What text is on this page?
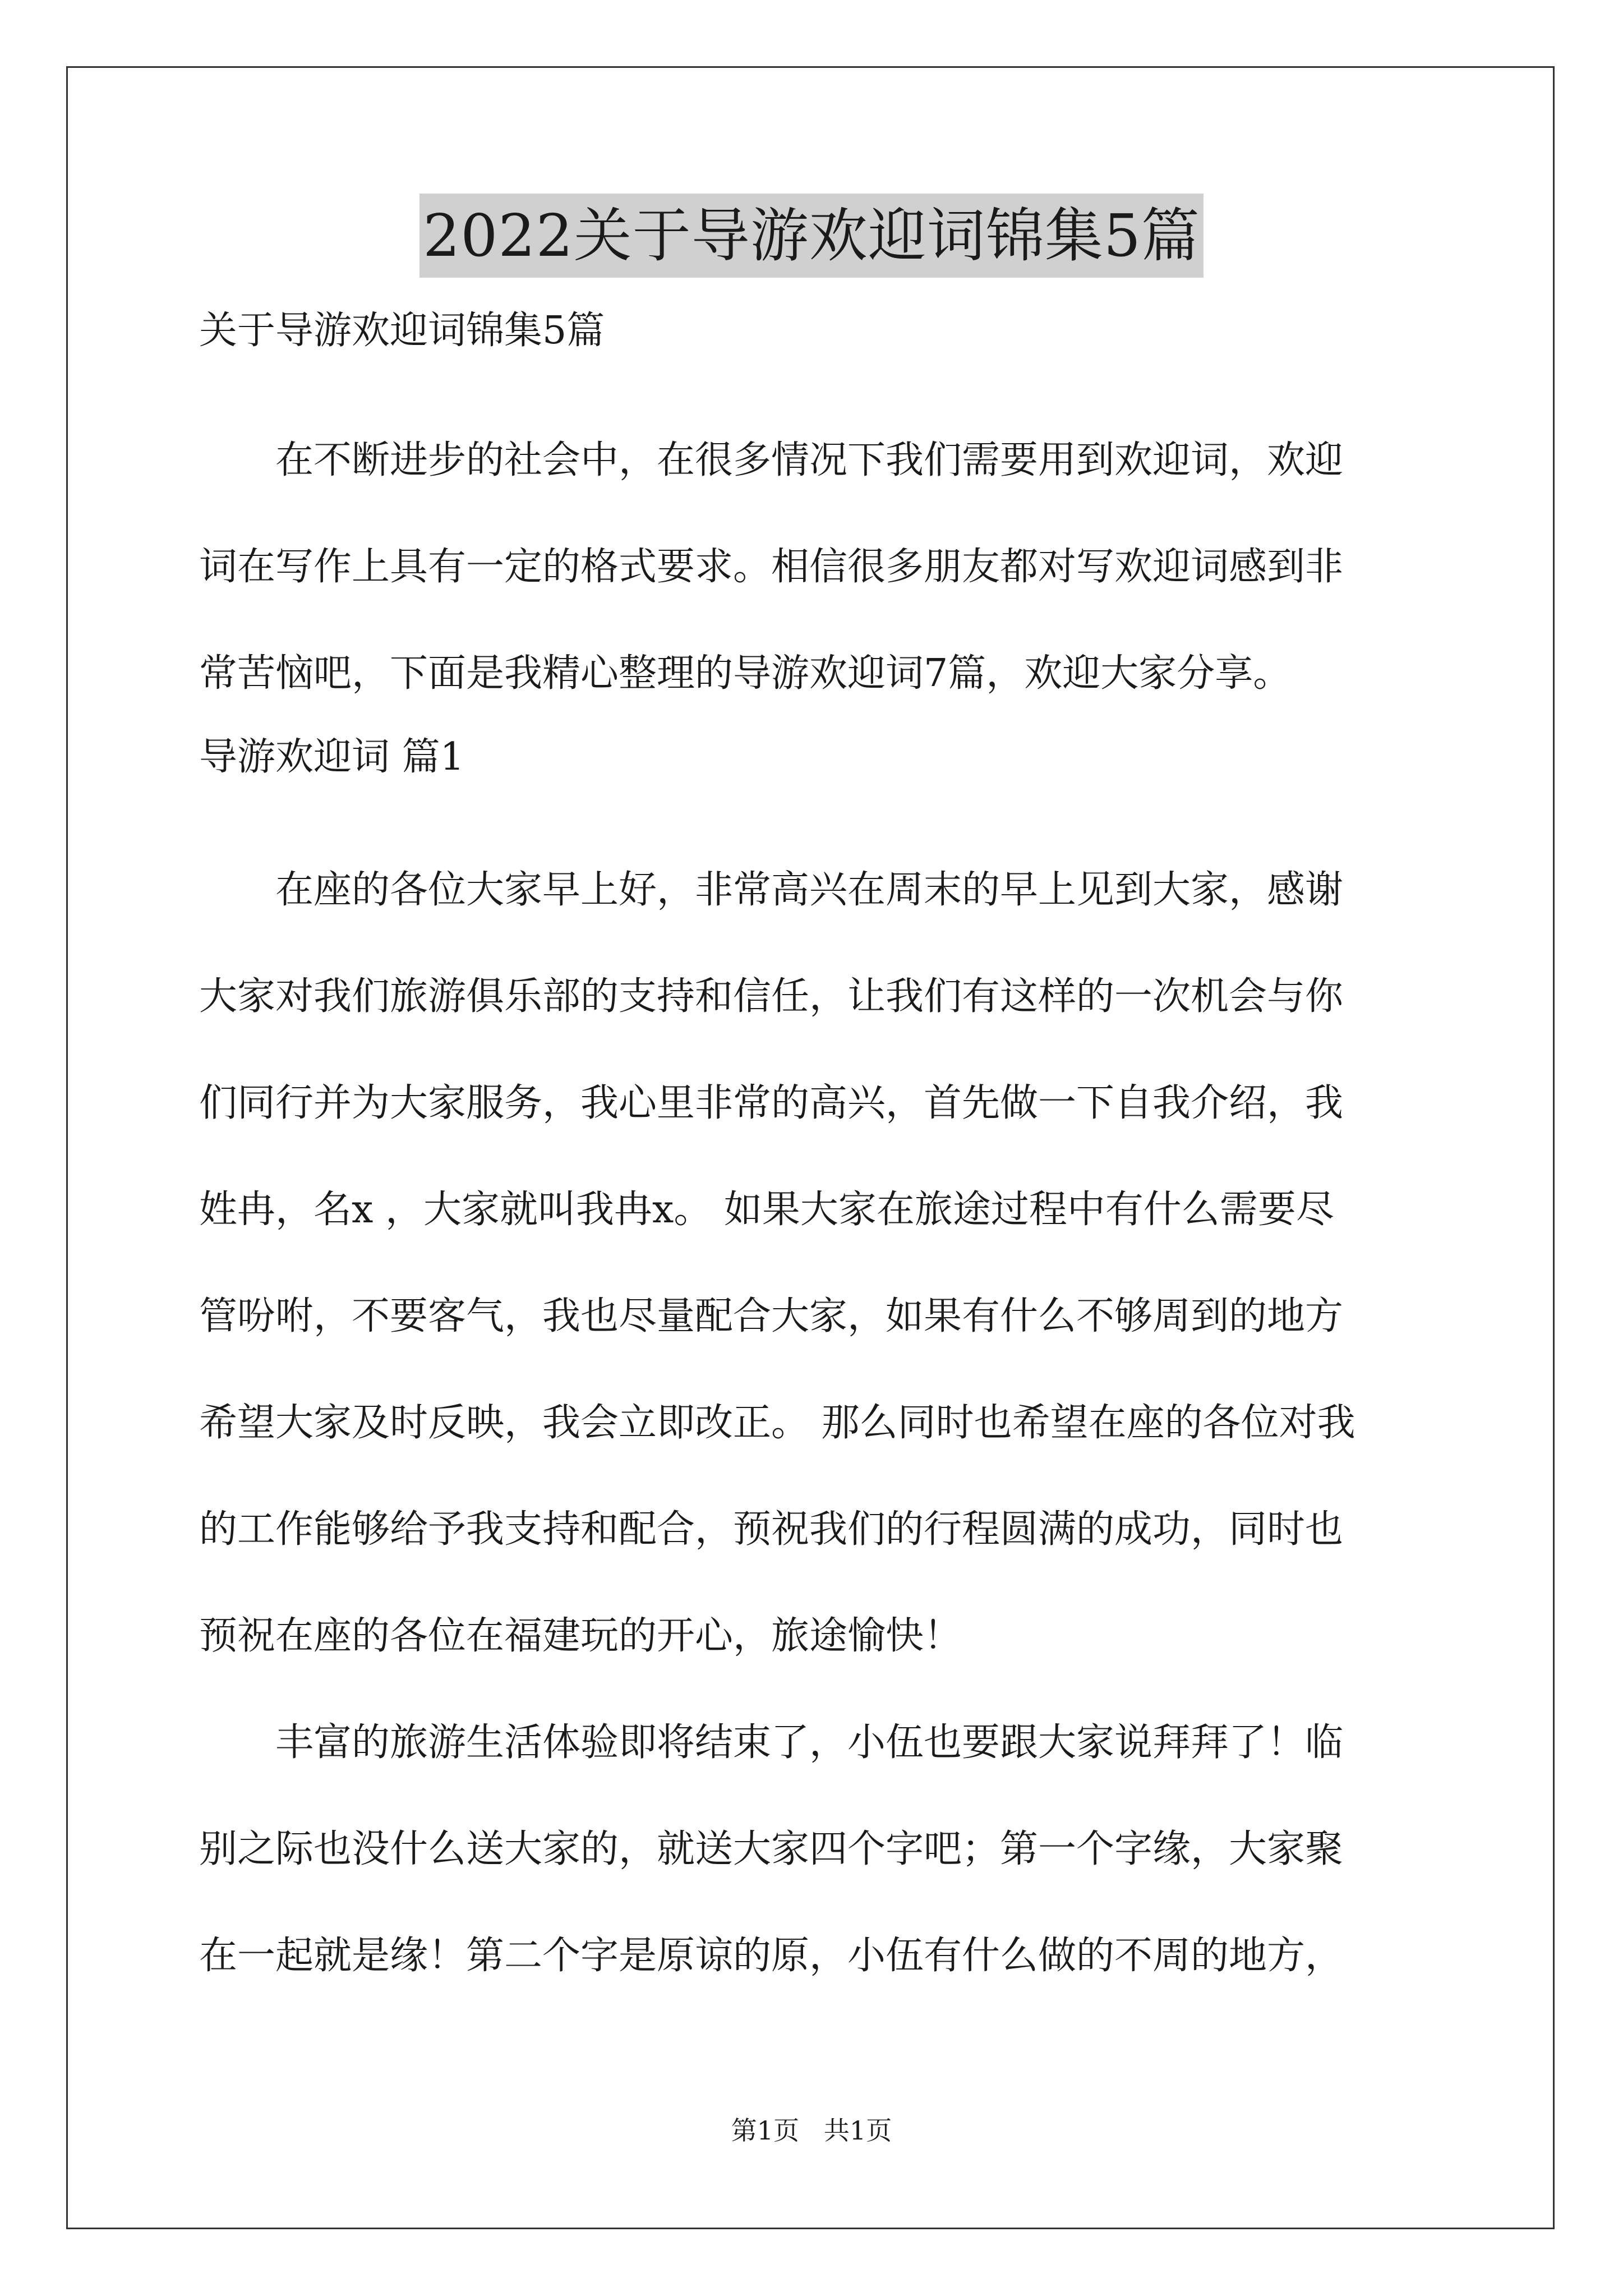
2022关于导游欢迎词锦集5篇

关于导游欢迎词锦集5篇

在不断进步的社会中，在很多情况下我们需要用到欢迎词，欢迎
词在写作上具有一定的格式要求。相信很多朋友都对写欢迎词感到非
常苦恼吧，下面是我精心整理的导游欢迎词7篇，欢迎大家分享。

导游欢迎词 篇1

在座的各位大家早上好，非常高兴在周末的早上见到大家，感谢
大家对我们旅游俱乐部的支持和信任，让我们有这样的一次机会与你
们同行并为大家服务，我心里非常的高兴，首先做一下自我介绍，我
姓冉，名x ，大家就叫我冉x。 如果大家在旅途过程中有什么需要尽
管吩咐，不要客气，我也尽量配合大家，如果有什么不够周到的地方
希望大家及时反映，我会立即改正。 那么同时也希望在座的各位对我
的工作能够给予我支持和配合，预祝我们的行程圆满的成功，同时也
预祝在座的各位在福建玩的开心，旅途愉快！
丰富的旅游生活体验即将结束了，小伍也要跟大家说拜拜了！临
别之际也没什么送大家的，就送大家四个字吧；第一个字缘，大家聚
在一起就是缘！第二个字是原谅的原，小伍有什么做的不周的地方，
第1页   共1页
